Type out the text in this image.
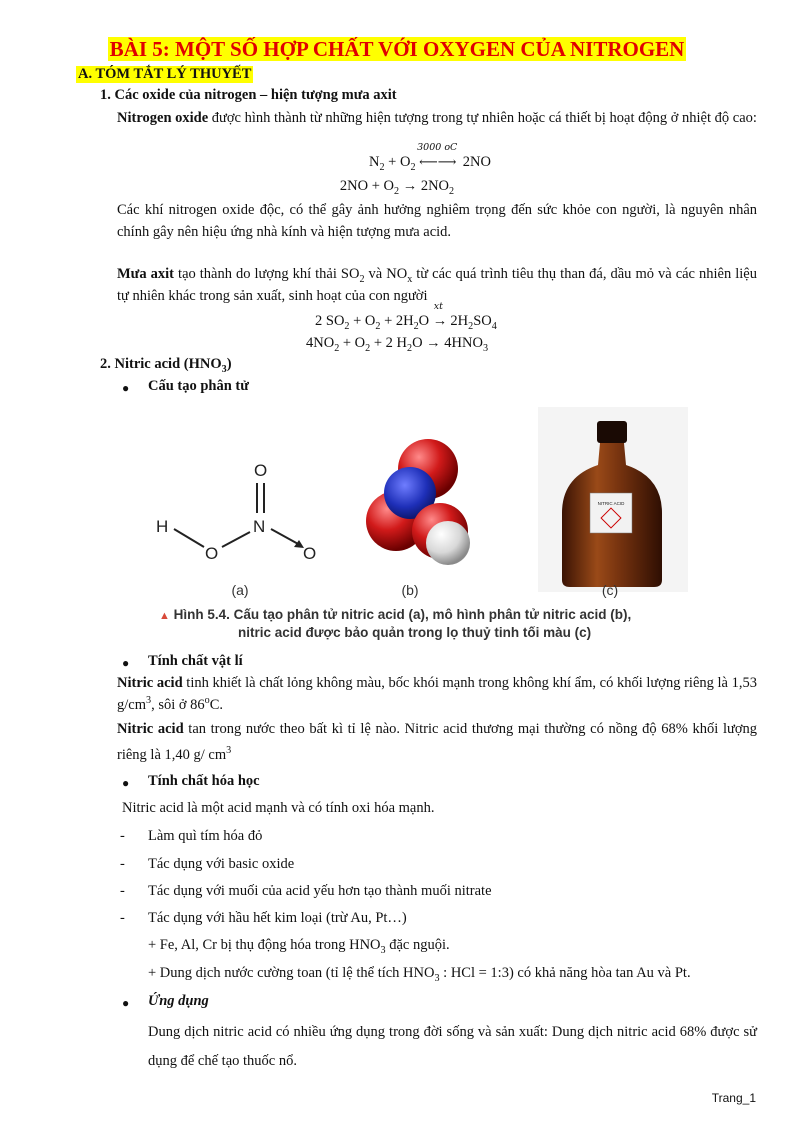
BÀI 5: MỘT SỐ HỢP CHẤT VỚI OXYGEN CỦA NITROGEN
A. TÓM TẮT LÝ THUYẾT
1. Các oxide của nitrogen – hiện tượng mưa axit
Nitrogen oxide được hình thành từ những hiện tượng trong tự nhiên hoặc cá thiết bị hoạt động ở nhiệt độ cao:
$N_2 + O_2$
3000 oC
⟵⟶ 2NO
$2NO + O_2 \to 2NO_2$
Các khí nitrogen oxide độc, có thể gây ảnh hưởng nghiêm trọng đến sức khỏe con người, là nguyên nhân chính gây nên hiệu ứng nhà kính và hiện tượng mưa acid.
Mưa axit tạo thành do lượng khí thải $SO_2$ và $NO_x$ từ các quá trình tiêu thụ than đá, dầu mỏ và các nhiên liệu tự nhiên khác trong sản xuất, sinh hoạt của con người
2 $SO_2 + O_2 + 2H_2O$
xt
→ $2H_2SO_4$
$4NO_2 + O_2 + 2$ $H_2O \to 4HNO_3$
2. Nitric acid $(HNO_3)$
● Cấu tạo phân tử
H
O
N
O
O
NITRIC ACID
(a)	(b)	(c)
▲ Hình 5.4. Cấu tạo phân tử nitric acid (a), mô hình phân tử nitric acid (b),
nitric acid được bảo quản trong lọ thuỷ tinh tối màu (c)
● Tính chất vật lí
Nitric acid tinh khiết là chất lỏng không màu, bốc khói mạnh trong không khí ẩm, có khối lượng riêng là 1,53 $g/cm^3$, sôi ở 86$^o$C.
Nitric acid tan trong nước theo bất kì tỉ lệ nào. Nitric acid thương mại thường có nồng độ 68% khối lượng riêng là 1,40 g/ $cm^3$
● Tính chất hóa học
Nitric acid là một acid mạnh và có tính oxi hóa mạnh.
- Làm quì tím hóa đỏ
- Tác dụng với basic oxide
- Tác dụng với muối của acid yếu hơn tạo thành muối nitrate
- Tác dụng với hầu hết kim loại (trừ Au, Pt…)
+ Fe, Al, Cr bị thụ động hóa trong $HNO_3$ đặc nguội.
+ Dung dịch nước cường toan (tỉ lệ thể tích $HNO_3$ : HCl = 1:3) có khả năng hòa tan Au và Pt.
● Ứng dụng
Dung dịch nitric acid có nhiều ứng dụng trong đời sống và sản xuất: Dung dịch nitric acid 68% được sử dụng để chế tạo thuốc nổ.
Trang_1
